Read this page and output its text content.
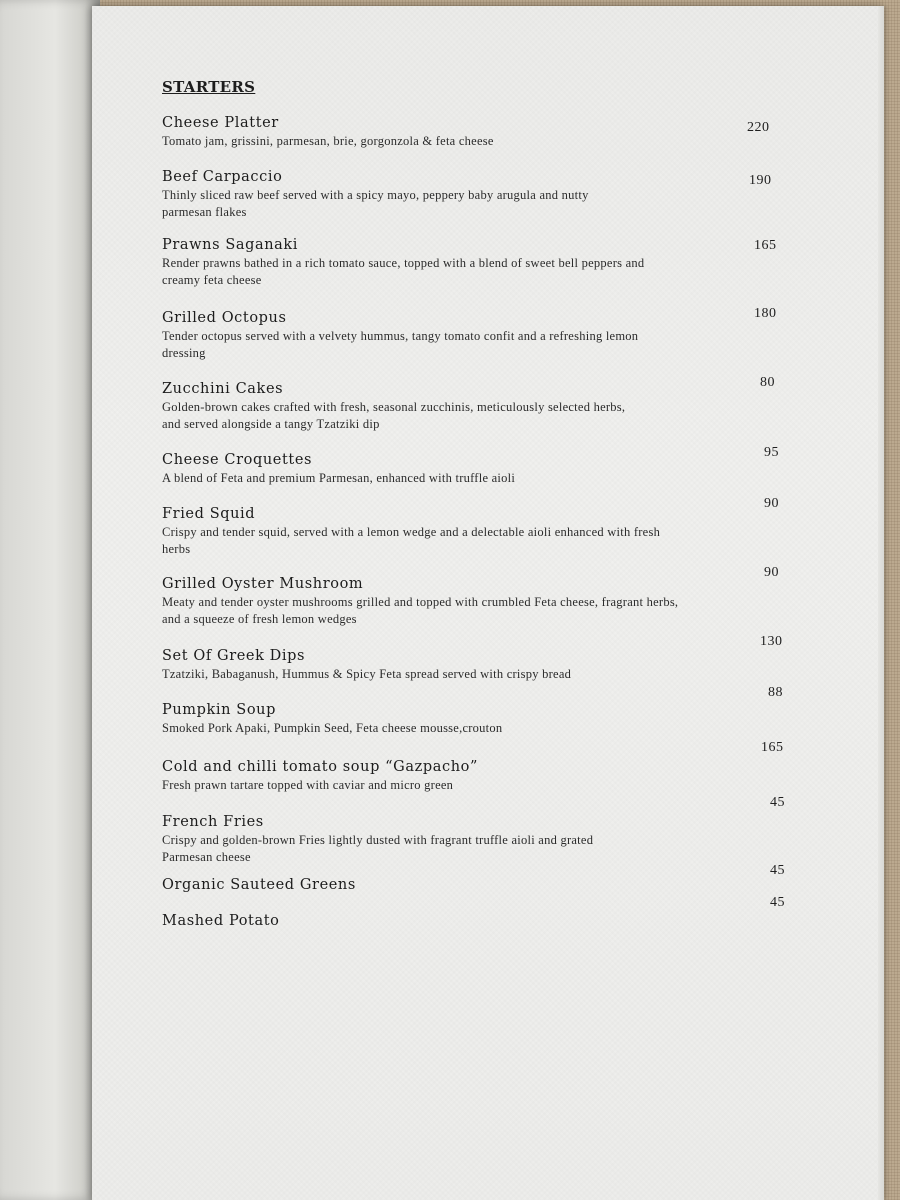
STARTERS
Cheese Platter
Tomato jam, grissini, parmesan, brie, gorgonzola & feta cheese
220
Beef Carpaccio
Thinly sliced raw beef served with a spicy mayo, peppery baby arugula and nutty parmesan flakes
190
Prawns Saganaki
Render prawns bathed in a rich tomato sauce, topped with a blend of sweet bell peppers and creamy feta cheese
165
Grilled Octopus
Tender octopus served with a velvety hummus, tangy tomato confit and a refreshing lemon dressing
180
Zucchini Cakes
Golden-brown cakes crafted with fresh, seasonal zucchinis, meticulously selected herbs, and served alongside a tangy Tzatziki dip
80
Cheese Croquettes
A blend of Feta and premium Parmesan, enhanced with truffle aioli
95
Fried Squid
Crispy and tender squid, served with a lemon wedge and a delectable aioli enhanced with fresh herbs
90
Grilled Oyster Mushroom
Meaty and tender oyster mushrooms grilled and topped with crumbled Feta cheese, fragrant herbs, and a squeeze of fresh lemon wedges
90
Set Of Greek Dips
Tzatziki, Babaganush, Hummus & Spicy Feta spread served with crispy bread
130
Pumpkin Soup
Smoked Pork Apaki, Pumpkin Seed, Feta cheese mousse,crouton
88
Cold and chilli tomato soup “Gazpacho”
Fresh prawn tartare topped with caviar and micro green
165
French Fries
Crispy and golden-brown Fries lightly dusted with fragrant truffle aioli and grated Parmesan cheese
45
Organic Sauteed Greens
45
Mashed Potato
45
